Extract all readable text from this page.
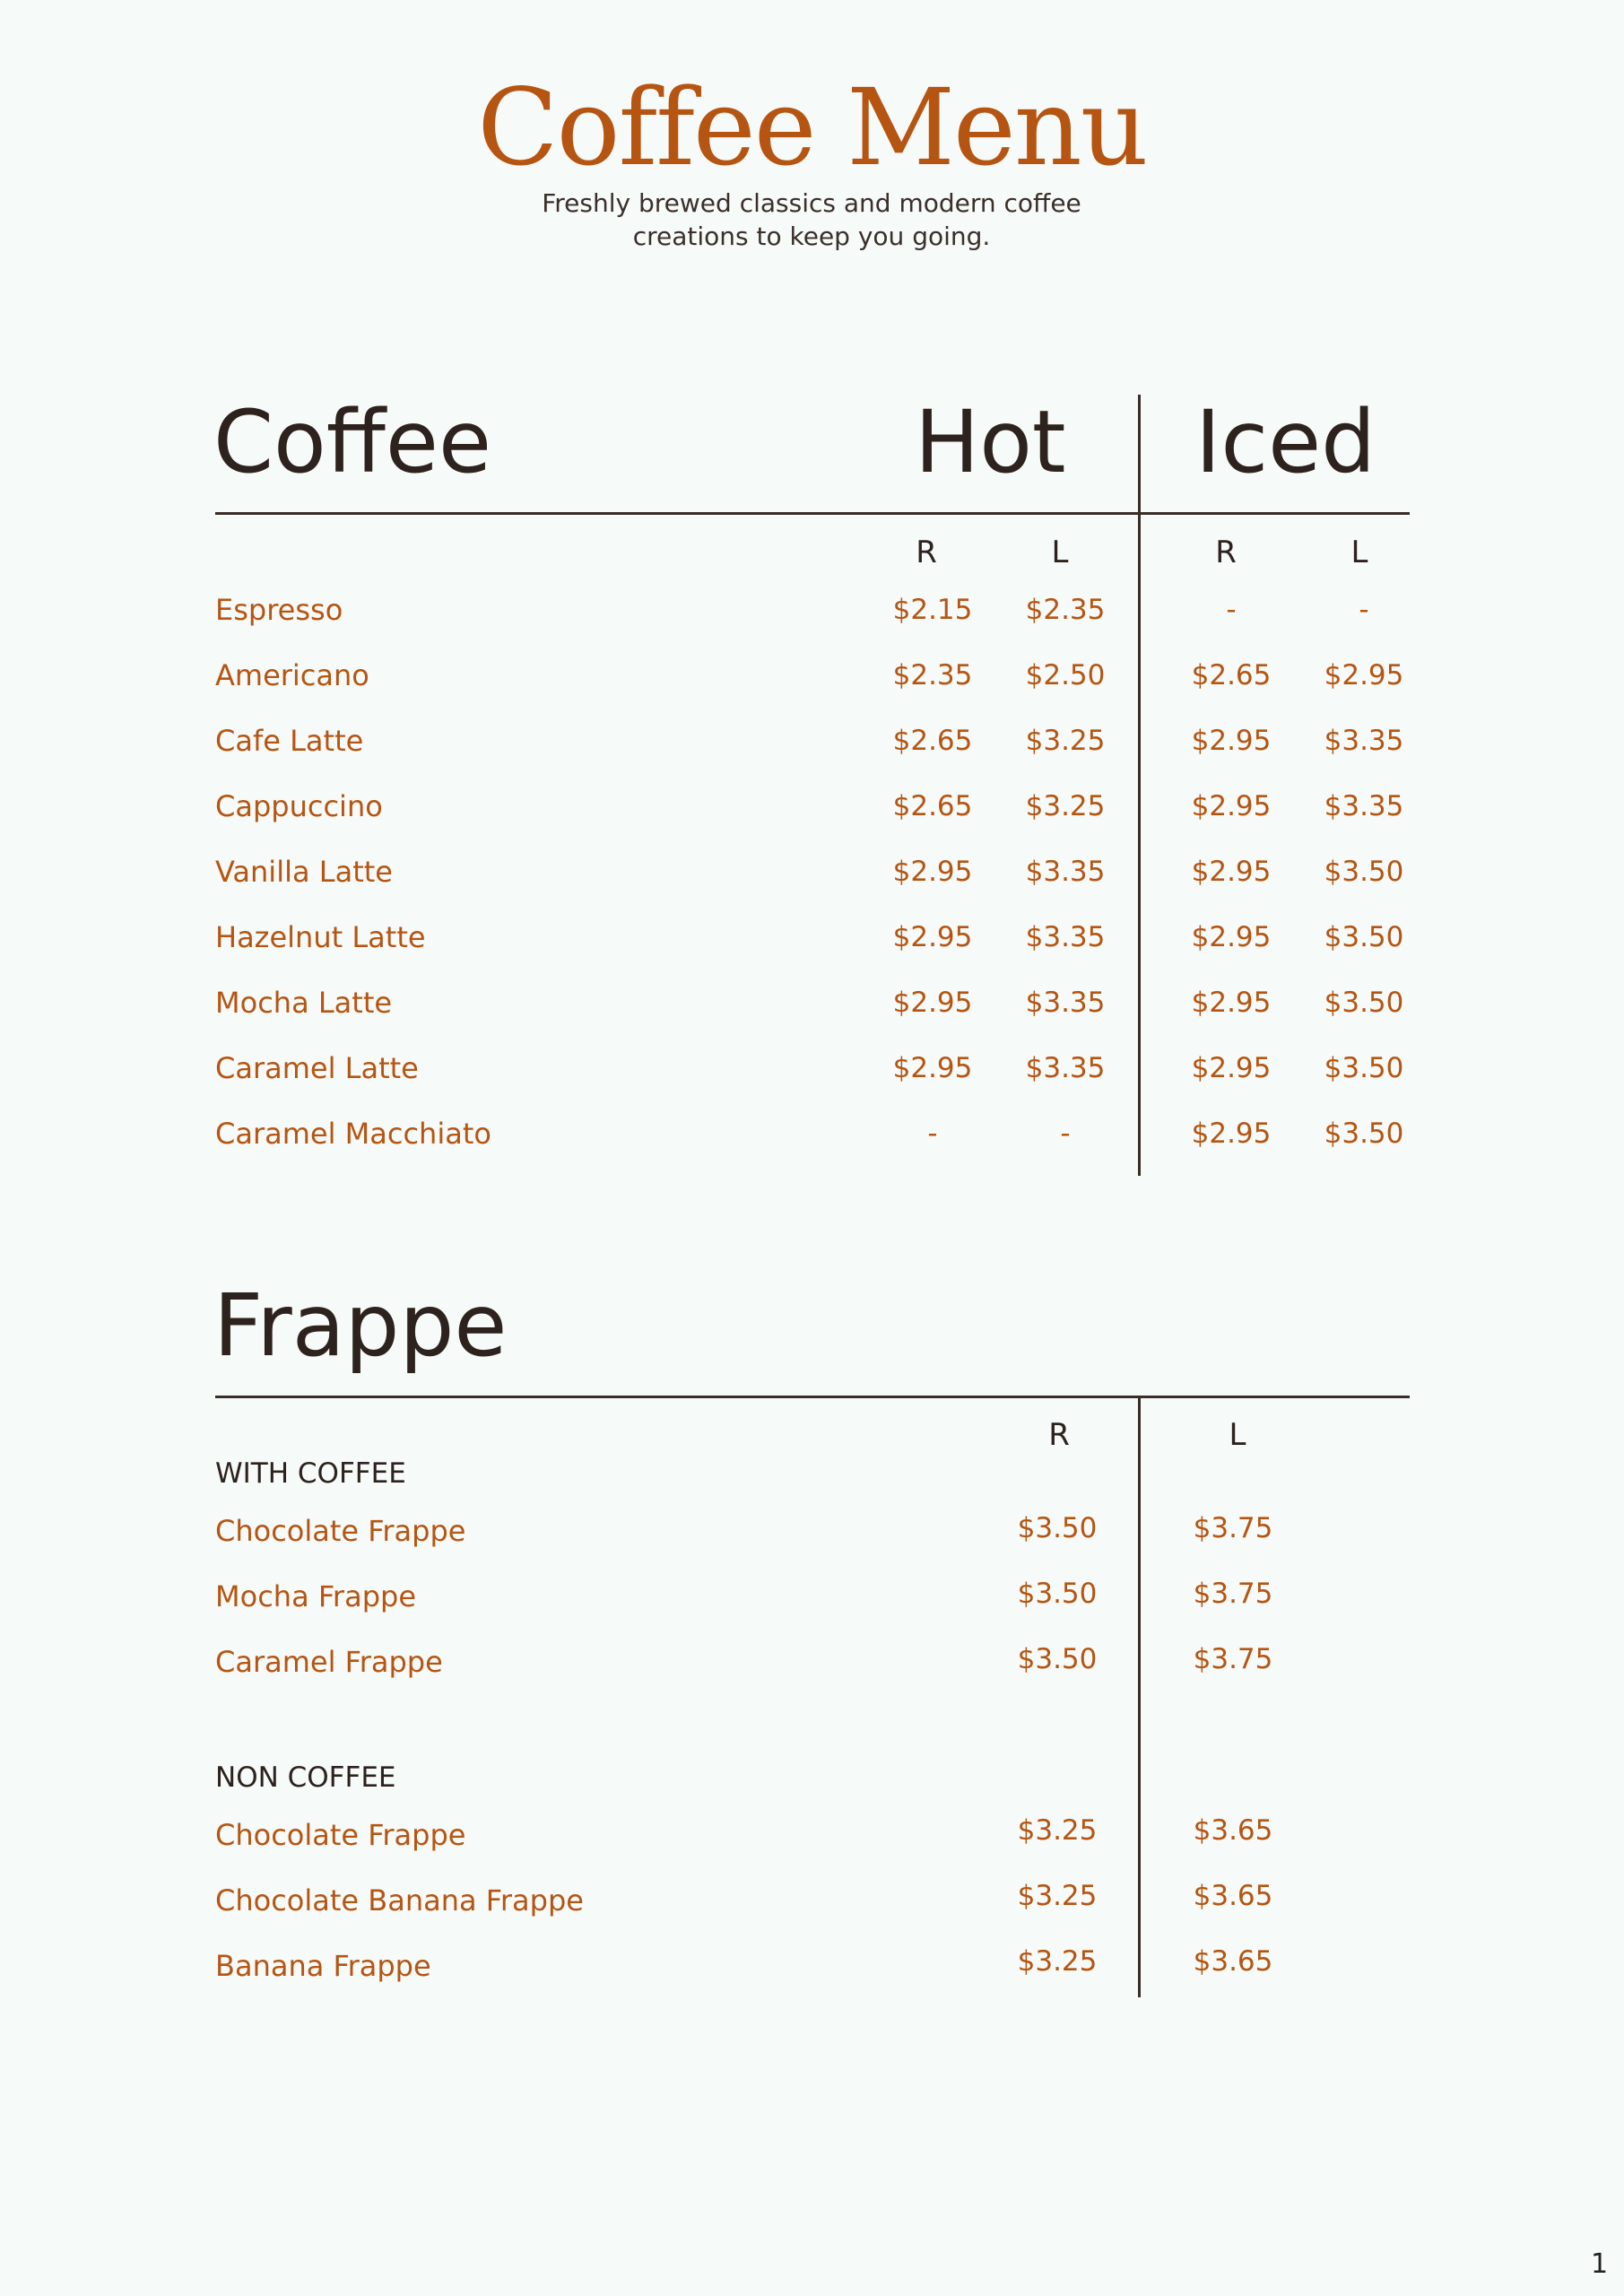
Coffee Menu
Freshly brewed classics and modern coffee
creations to keep you going.
Coffee	Hot Iced
R	L	R	L
Espresso	$2.15	$2.35	-	-
Americano	$2.35	$2.50	$2.65	$2.95
Cafe Latte	$2.65	$3.25	$2.95	$3.35
Cappuccino	$2.65	$3.25	$2.95	$3.35
Vanilla Latte	$2.95	$3.35	$2.95	$3.50
Hazelnut Latte	$2.95	$3.35	$2.95	$3.50
Mocha Latte	$2.95	$3.35	$2.95	$3.50
Caramel Latte	$2.95	$3.35	$2.95	$3.50
Caramel Macchiato	-	-	$2.95	$3.50
Frappe
R	L
WITH COFFEE
Chocolate Frappe	$3.50	$3.75
Mocha Frappe	$3.50	$3.75
Caramel Frappe	$3.50	$3.75
NON COFFEE
Chocolate Frappe	$3.25	$3.65
Chocolate Banana Frappe	$3.25	$3.65
Banana Frappe	$3.25	$3.65
1
